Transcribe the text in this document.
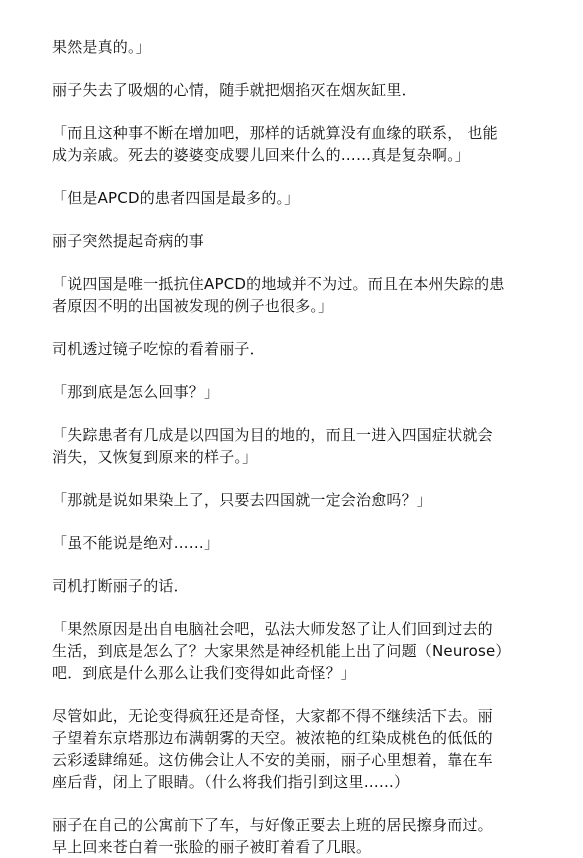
果然是真的。」

丽子失去了吸烟的心情，随手就把烟掐灭在烟灰缸里．

「而且这种事不断在增加吧，那样的话就算没有血缘的联系， 也能
成为亲戚。死去的婆婆变成婴儿回来什么的……真是复杂啊。」

「但是APCD的患者四国是最多的。」

丽子突然提起奇病的事

「说四国是唯一抵抗住APCD的地域并不为过。而且在本州失踪的患
者原因不明的出国被发现的例子也很多。」

司机透过镜子吃惊的看着丽子．

「那到底是怎么回事？」

「失踪患者有几成是以四国为目的地的，而且一进入四国症状就会
消失，又恢复到原来的样子。」

「那就是说如果染上了，只要去四国就一定会治愈吗？」

「虽不能说是绝对……」

司机打断丽子的话．

「果然原因是出自电脑社会吧，弘法大师发怒了让人们回到过去的
生活，到底是怎么了？大家果然是神经机能上出了问题（Neurose）
吧．到底是什么那么让我们变得如此奇怪？」

尽管如此，无论变得疯狂还是奇怪，大家都不得不继续活下去。丽
子望着东京塔那边布满朝雾的天空。被浓艳的红染成桃色的低低的
云彩逶肆绵延。这仿佛会让人不安的美丽，丽子心里想着，靠在车
座后背，闭上了眼睛。（什么将我们指引到这里……）

丽子在自己的公寓前下了车，与好像正要去上班的居民擦身而过。
早上回来苍白着一张脸的丽子被盯着看了几眼。
